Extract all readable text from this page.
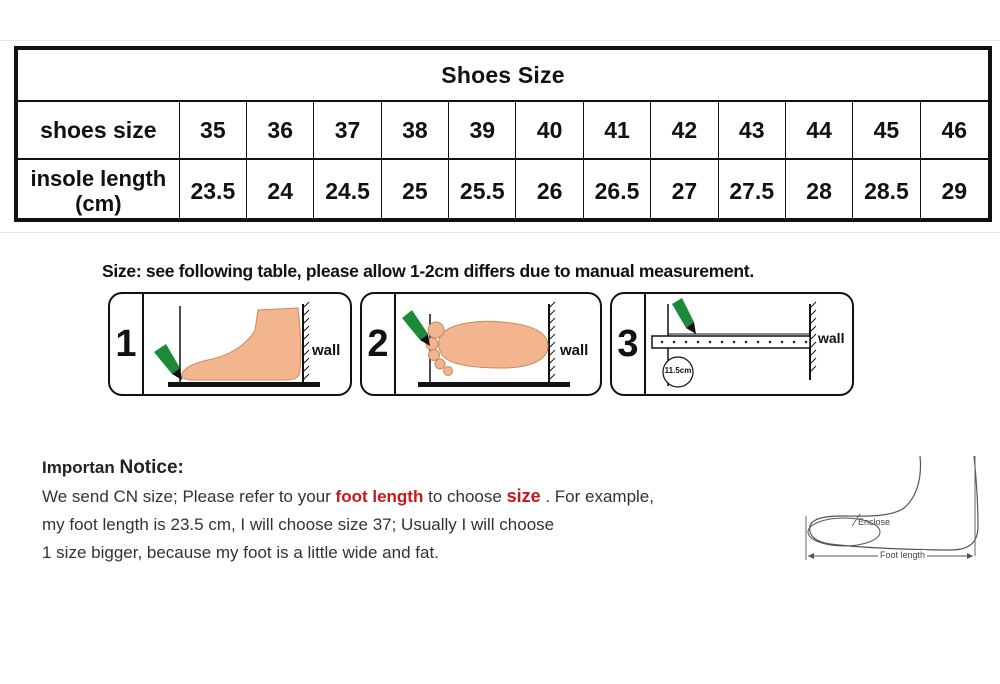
Shoes Size
shoes size	35	36	37	38	39	40	41	42	43	44	45	46
insole length
(cm)	23.5	24	24.5	25	25.5	26	26.5	27	27.5	28	28.5	29
Size: see following table, please allow 1-2cm differs due to manual measurement.
1	wall 2	wall 3	wall
11.5cm
Importan Notice:
We send CN size; Please refer to your foot length to choose size . For example,
my foot length is 23.5 cm, I will choose size 37; Usually I will choose
1 size bigger, because my foot is a little wide and fat.
Enclose
Foot length
